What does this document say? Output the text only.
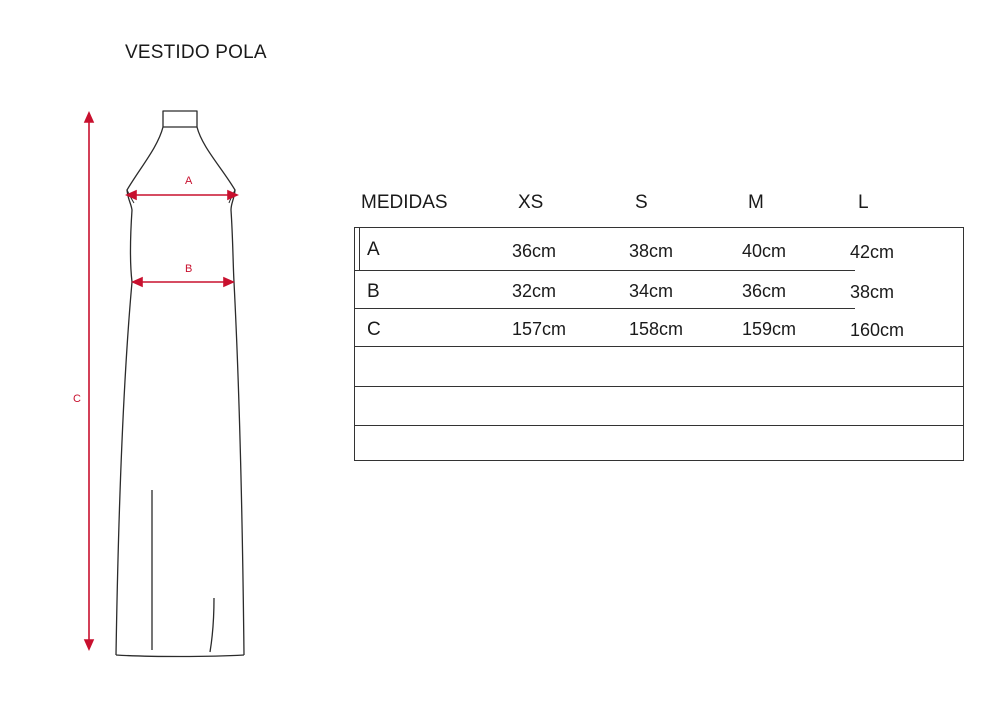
VESTIDO POLA
A
B
C
MEDIDAS	XS	S	M	L
A	36cm	38cm	40cm	42cm
B	32cm	34cm	36cm	38cm
C	157cm	158cm	159cm	160cm
